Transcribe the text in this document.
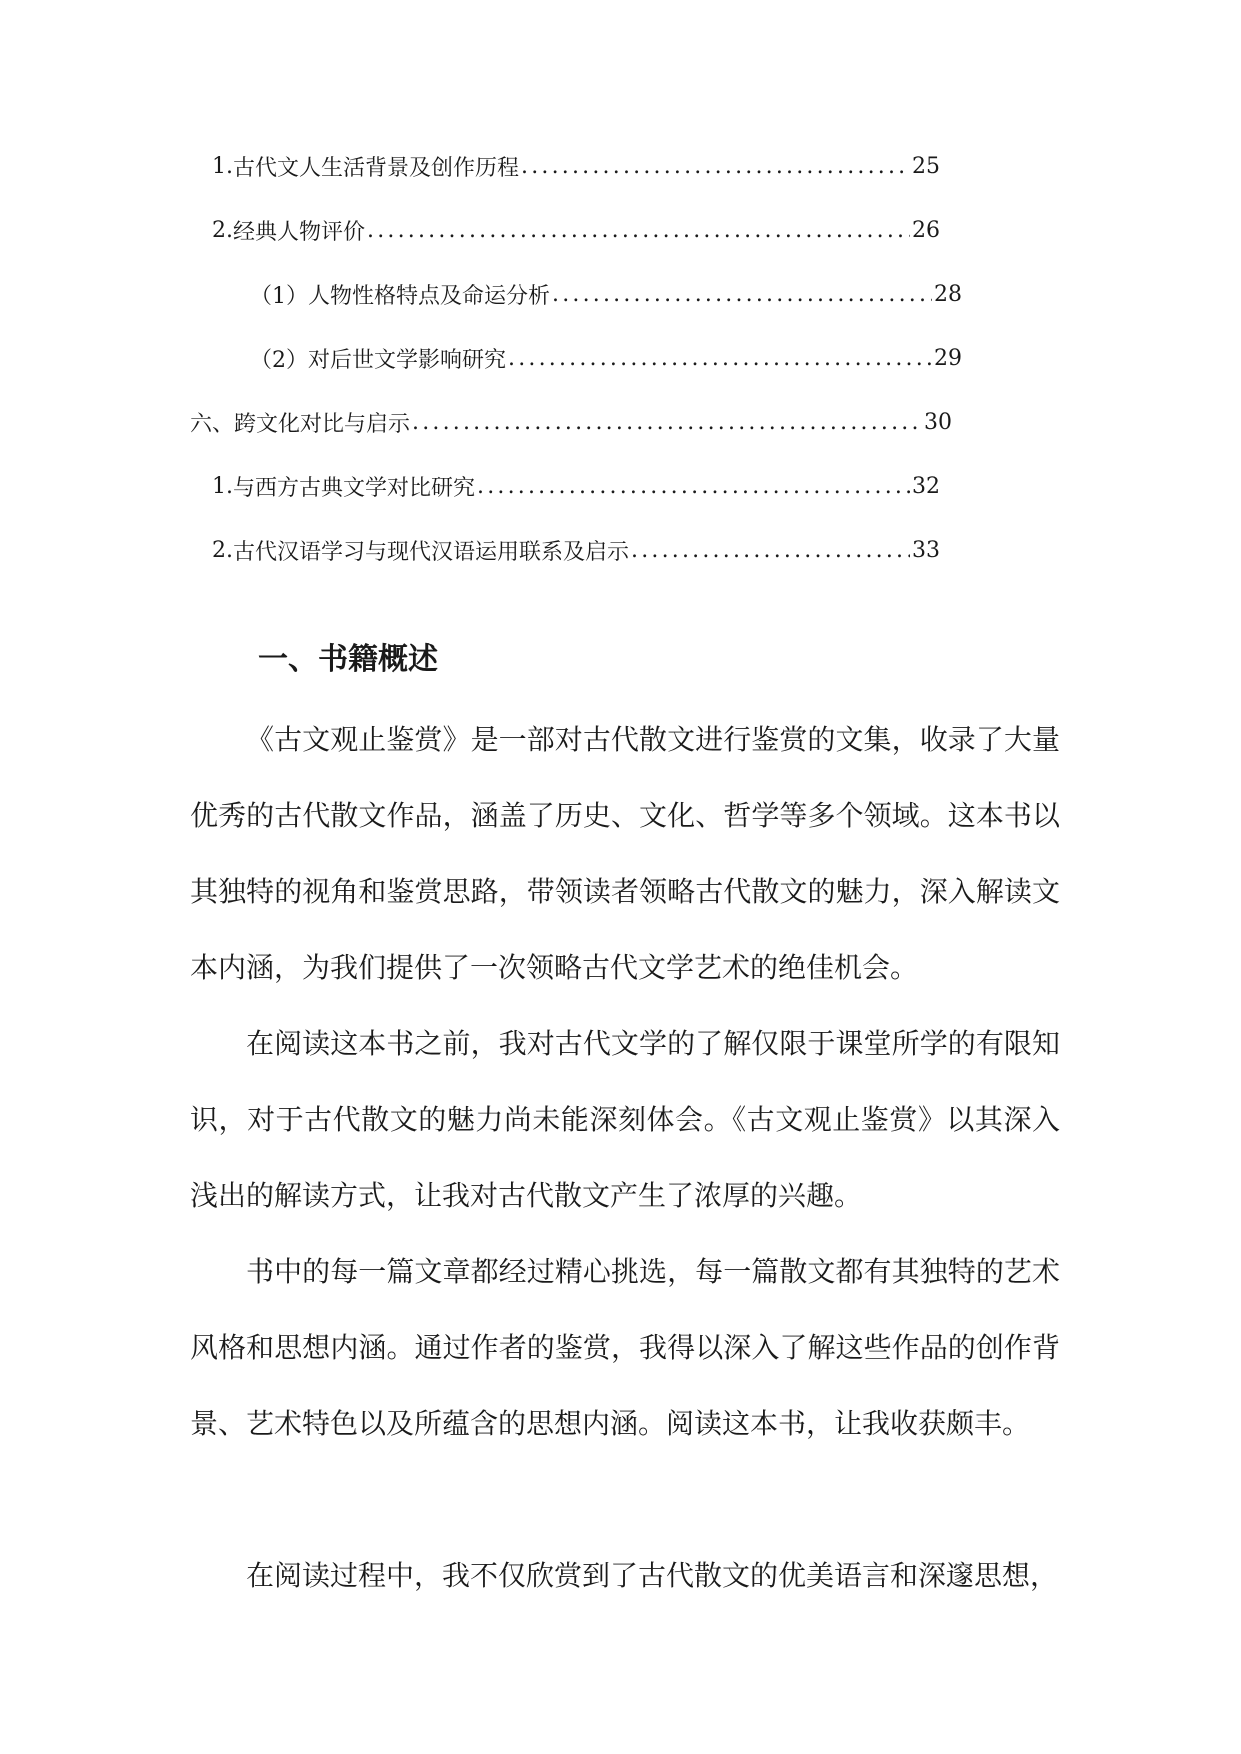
1. 古代文人生活背景及创作历程 .....	25
2. 经典人物评价 .....	26
（1）人物性格特点及命运分析 .....	28
（2）对后世文学影响研究 .....	29
六、跨文化对比与启示 .....	30
1. 与西方古典文学对比研究 .....	32
2. 古代汉语学习与现代汉语运用联系及启示 .....	33
一、书籍概述

《古文观止鉴赏》是一部对古代散文进行鉴赏的文集，收录了大量优秀的古代散文作品，涵盖了历史、文化、哲学等多个领域。这本书以其独特的视角和鉴赏思路，带领读者领略古代散文的魅力，深入解读文本内涵，为我们提供了一次领略古代文学艺术的绝佳机会。

在阅读这本书之前，我对古代文学的了解仅限于课堂所学的有限知识，对于古代散文的魅力尚未能深刻体会。《古文观止鉴赏》以其深入浅出的解读方式，让我对古代散文产生了浓厚的兴趣。

书中的每一篇文章都经过精心挑选，每一篇散文都有其独特的艺术风格和思想内涵。通过作者的鉴赏，我得以深入了解这些作品的创作背景、艺术特色以及所蕴含的思想内涵。阅读这本书，让我收获颇丰。

在阅读过程中，我不仅欣赏到了古代散文的优美语言和深邃思想，
